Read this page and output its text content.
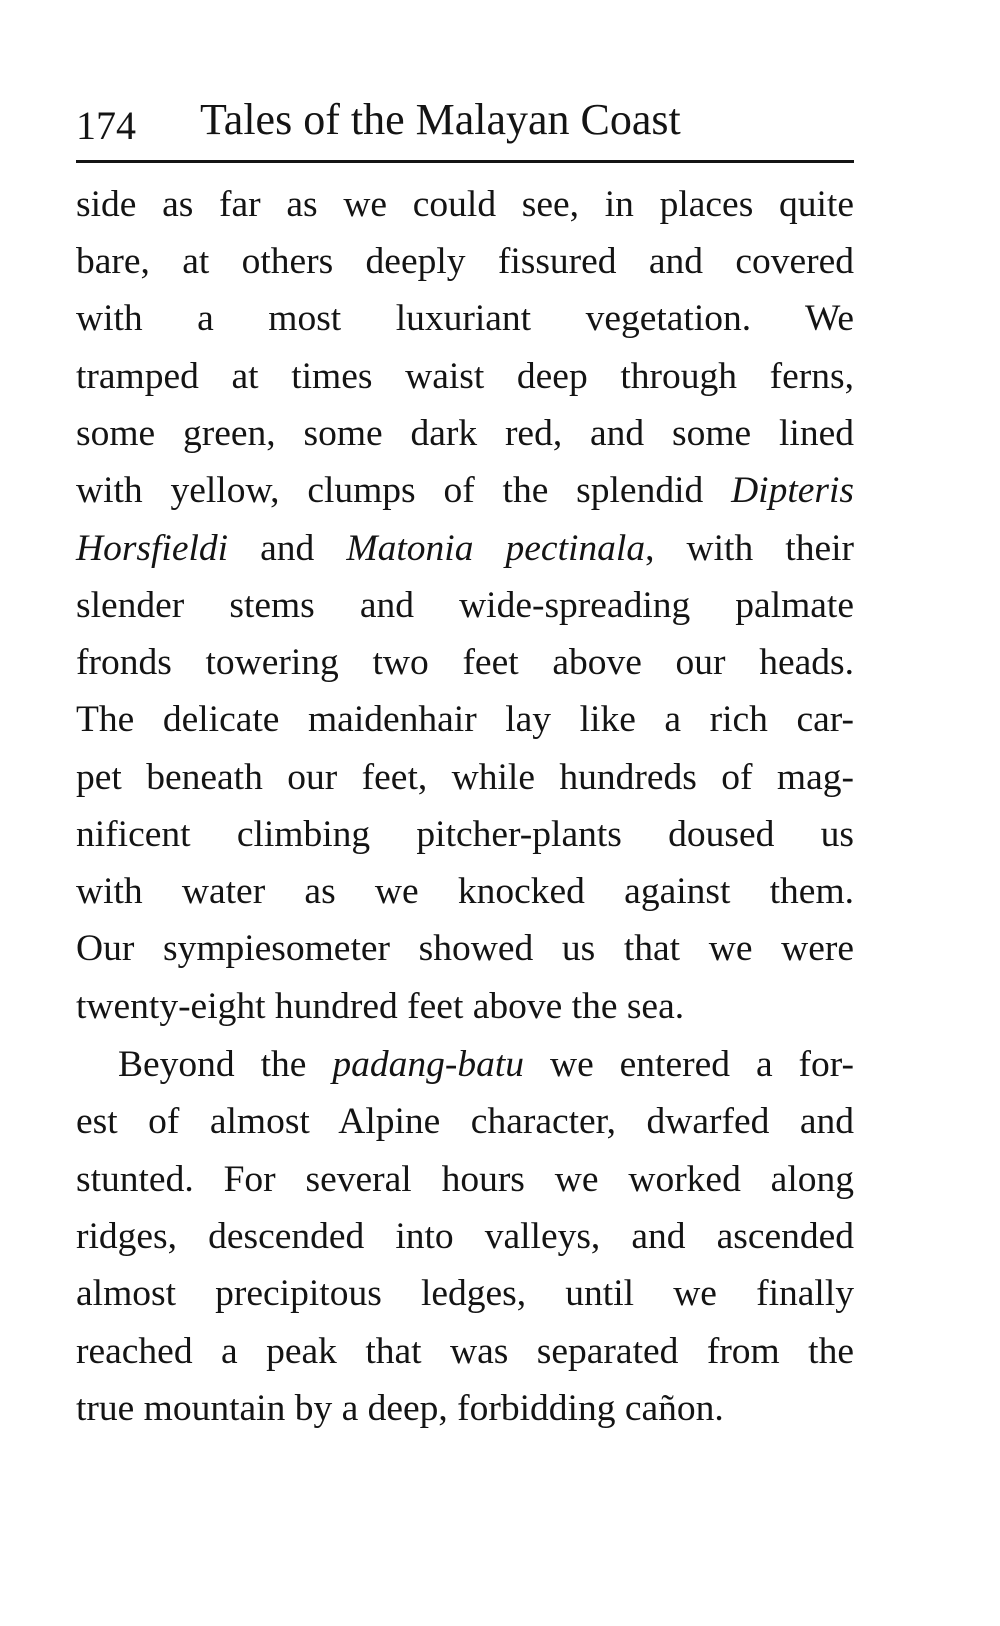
174 Tales of the Malayan Coast
side as far as we could see, in places quite
bare, at others deeply fissured and covered
with a most luxuriant vegetation. We
tramped at times waist deep through ferns,
some green, some dark red, and some lined
with yellow, clumps of the splendid Dipteris
Horsfieldi and Matonia pectinala, with their
slender stems and wide-spreading palmate
fronds towering two feet above our heads.
The delicate maidenhair lay like a rich car-
pet beneath our feet, while hundreds of mag-
nificent climbing pitcher-plants doused us
with water as we knocked against them.
Our sympiesometer showed us that we were
twenty-eight hundred feet above the sea.
Beyond the padang-batu we entered a for-
est of almost Alpine character, dwarfed and
stunted. For several hours we worked along
ridges, descended into valleys, and ascended
almost precipitous ledges, until we finally
reached a peak that was separated from the
true mountain by a deep, forbidding cañon.
